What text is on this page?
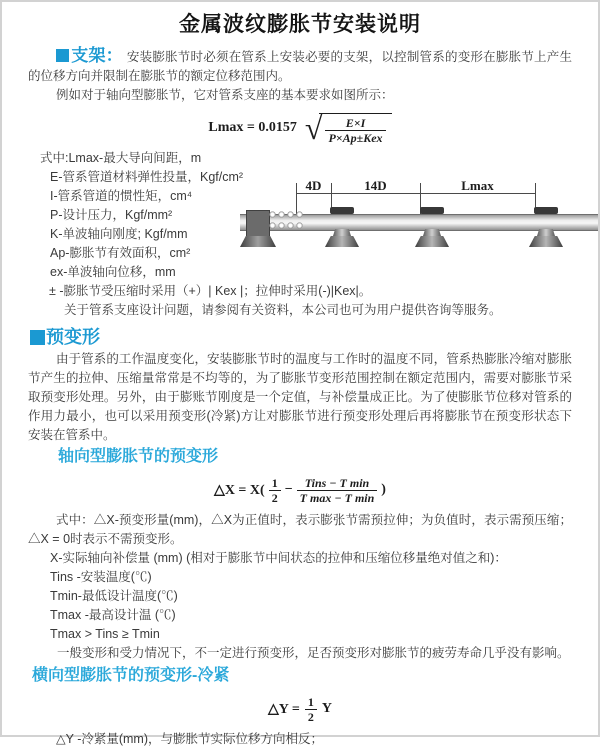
金属波纹膨胀节安装说明

支架： 安装膨胀节时必须在管系上安装必要的支架，以控制管系的变形在膨胀节上产生的位移方向并限制在膨胀节的额定位移范围内。

例如对于轴向型膨胀节，它对管系支座的基本要求如图所示：

Lmax = 0.0157 √ $\frac{E\times I}{\text{P×Ap±Kex}}$
式中:Lmax-最大导向间距，m
E-管系管道材料弹性投量，Kgf/cm²
I-管系管道的惯性矩，cm⁴
P-设计压力，Kgf/mm²
K-单波轴向刚度; Kgf/mm
Ap-膨胀节有效面积，cm²
ex-单波轴向位移，mm
± -膨胀节受压缩时采用（+）| Kex |；拉伸时采用(-)|Kex|。
关于管系支座设计问题，请参阅有关资料，本公司也可为用户提供咨询等服务。
4D	14D	Lmax
预变形

由于管系的工作温度变化，安装膨胀节时的温度与工作时的温度不同，管系热膨胀冷缩对膨胀节产生的拉伸、压缩量常常是不均等的，为了膨胀节变形范围控制在额定范围内，需要对膨胀节采取预变形处理。另外，由于膨账节刚度是一个定值，与补偿量成正比。为了使膨胀节位移对管系的作用力最小，也可以采用预变形(冷紧)方让对膨胀节进行预变形处理后再将膨胀节在预变形状态下安装在管系中。

轴向型膨胀节的预变形
△X = $X( \frac{1}{2} - \frac{\text{Tins − T min}}{\text{T max − T min}}$ )

式中：△X-预变形量(mm)，△X为正值时，表示膨张节需预拉伸；为负值时，表示需预压缩；△X = 0时表示不需预变形。

X-实际轴向补偿量 (mm) (相对于膨胀节中间状态的拉伸和压缩位移量绝对值之和)：
Tins -安装温度(℃)
Tmin-最低设计温度(℃)
Tmax -最高设计温 (℃)
Tmax > Tins ≥ Tmin
一般变形和受力情况下，不一定进行预变形，足否预变形对膨胀节的疲劳寿命几乎没有影响。
横向型膨胀节的预变形-冷紧
△Y = $\frac{1}{2}$ Y

△Y -冷紧量(mm)，与膨胀节实际位移方向相反；
